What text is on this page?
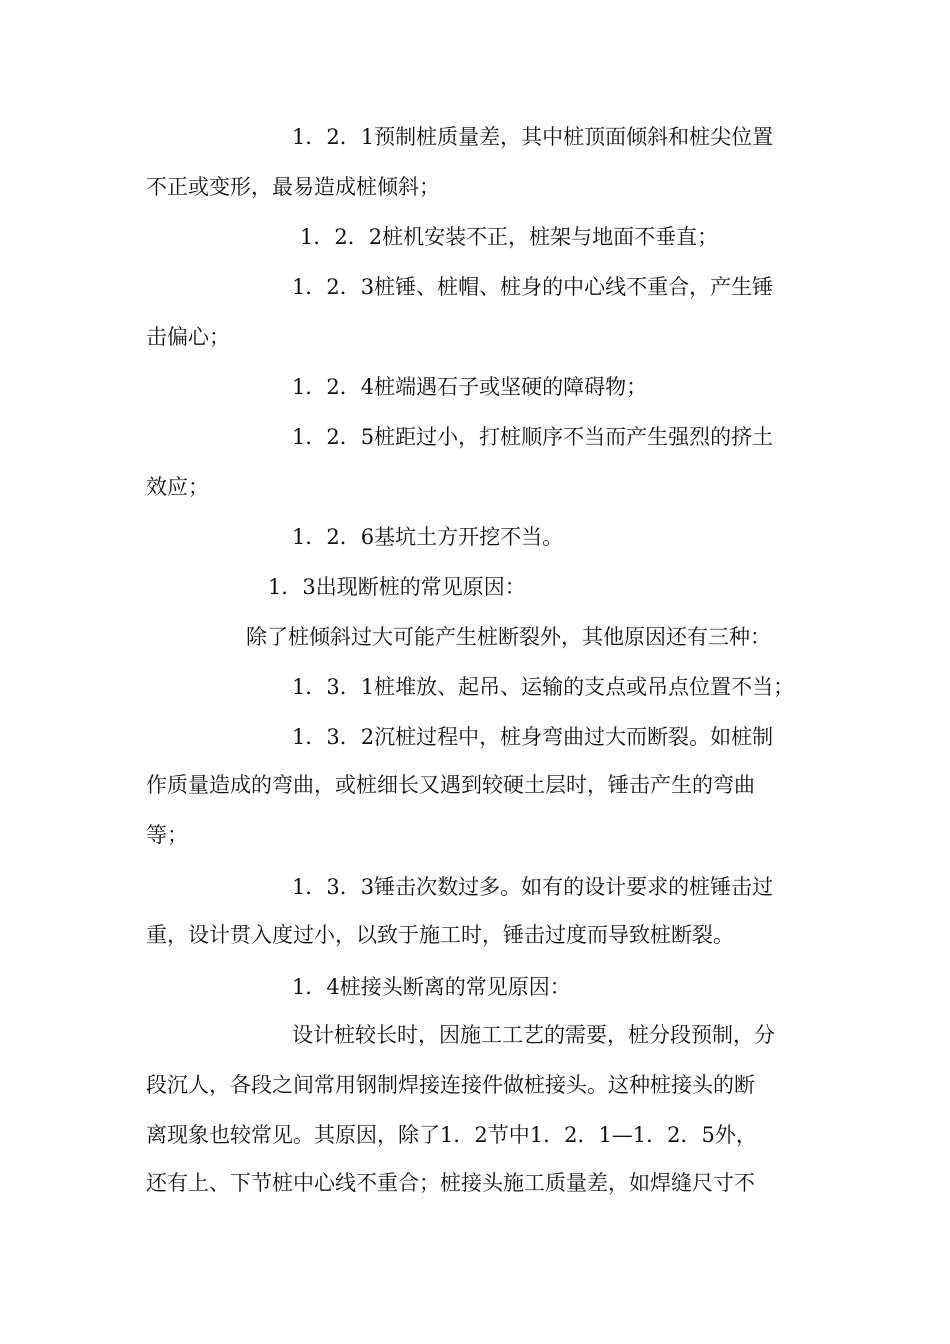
1．2．1预制桩质量差，其中桩顶面倾斜和桩尖位置
不正或变形，最易造成桩倾斜；
1．2．2桩机安装不正，桩架与地面不垂直；
1．2．3桩锤、桩帽、桩身的中心线不重合，产生锤
击偏心；
1．2．4桩端遇石子或坚硬的障碍物；
1．2．5桩距过小，打桩顺序不当而产生强烈的挤土
效应；
1．2．6基坑土方开挖不当。
1．3出现断桩的常见原因：
除了桩倾斜过大可能产生桩断裂外，其他原因还有三种：
1．3．1桩堆放、起吊、运输的支点或吊点位置不当；
1．3．2沉桩过程中，桩身弯曲过大而断裂。如桩制
作质量造成的弯曲，或桩细长又遇到较硬土层时，锤击产生的弯曲
等；
1．3．3锤击次数过多。如有的设计要求的桩锤击过
重，设计贯入度过小，以致于施工时，锤击过度而导致桩断裂。
1．4桩接头断离的常见原因：
设计桩较长时，因施工工艺的需要，桩分段预制，分
段沉人，各段之间常用钢制焊接连接件做桩接头。这种桩接头的断
离现象也较常见。其原因，除了1．2节中1．2．1—1．2．5外，
还有上、下节桩中心线不重合；桩接头施工质量差，如焊缝尺寸不
